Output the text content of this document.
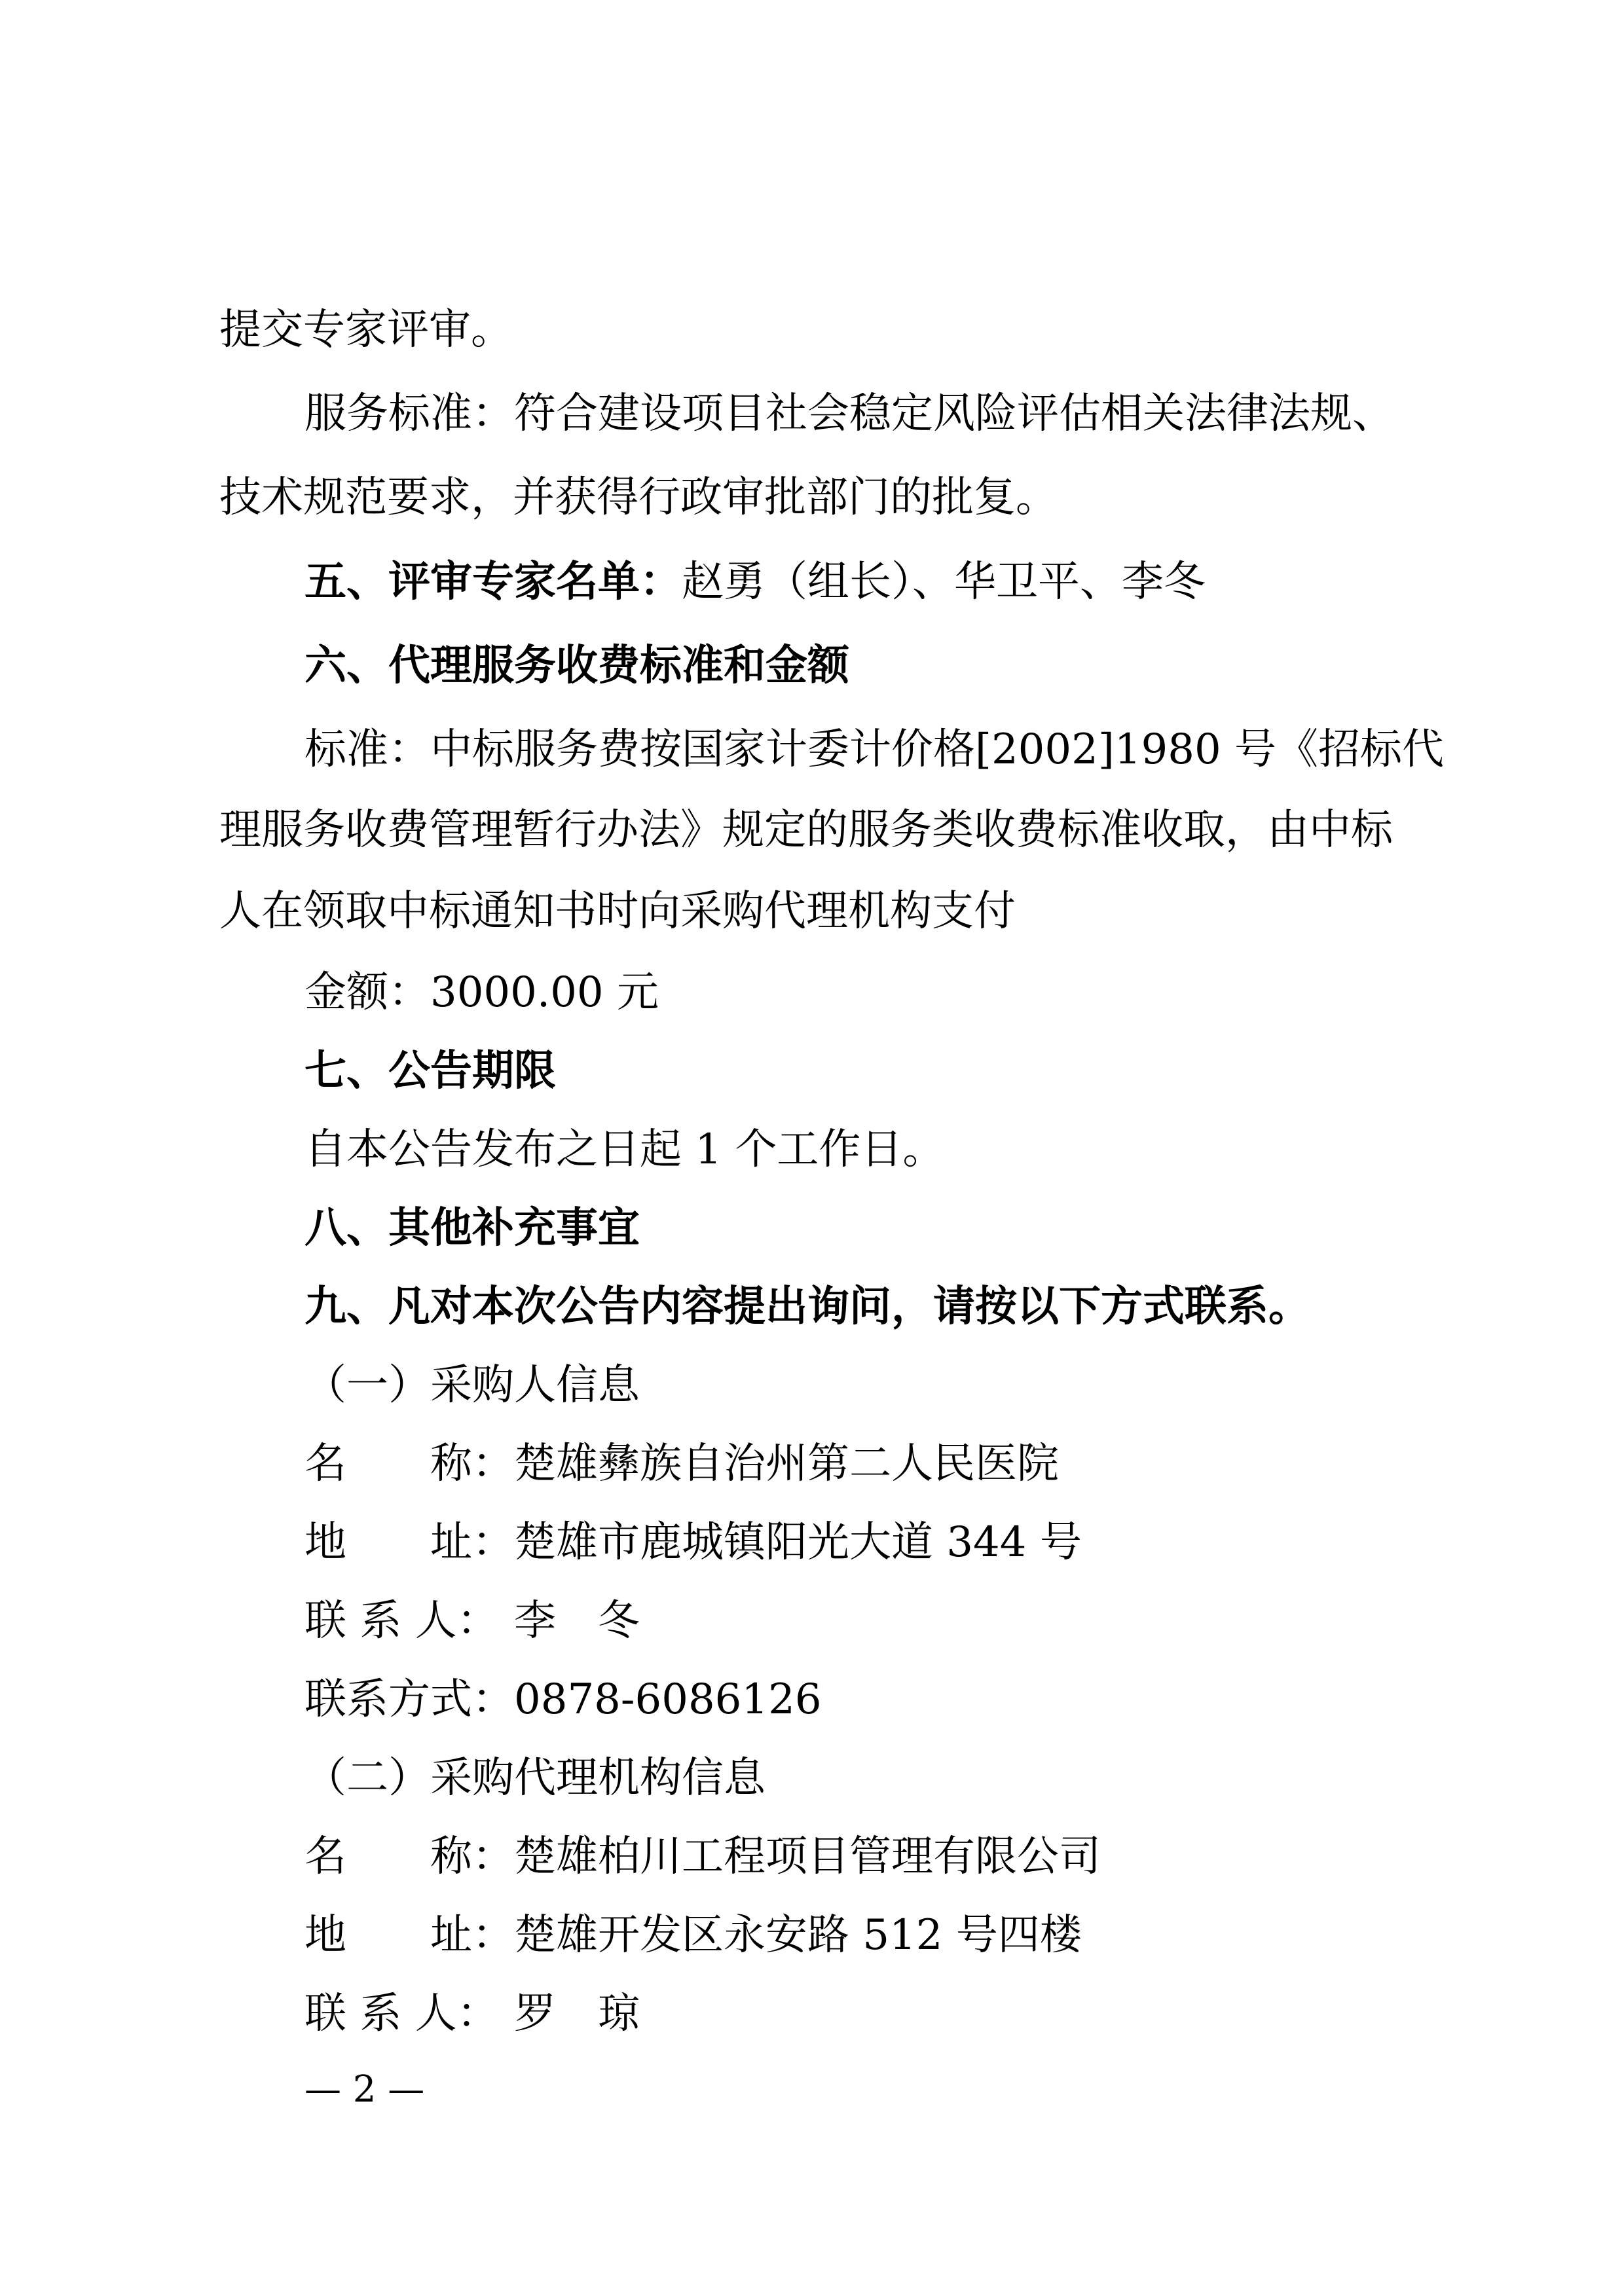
提交专家评审。
服务标准：符合建设项目社会稳定风险评估相关法律法规、
技术规范要求，并获得行政审批部门的批复。
五、评审专家名单：赵勇（组长）、华卫平、李冬
六、代理服务收费标准和金额
标准：中标服务费按国家计委计价格[2002]1980 号《招标代
理服务收费管理暂行办法》规定的服务类收费标准收取，由中标
人在领取中标通知书时向采购代理机构支付
金额：3000.00 元
七、公告期限
自本公告发布之日起 1 个工作日。
八、其他补充事宜
九、凡对本次公告内容提出询问，请按以下方式联系。
（一）采购人信息
名　　称：楚雄彝族自治州第二人民医院
地　　址：楚雄市鹿城镇阳光大道 344 号
联 系 人： 李　冬
联系方式：0878-6086126
（二）采购代理机构信息
名　　称：楚雄柏川工程项目管理有限公司
地　　址：楚雄开发区永安路 512 号四楼
联 系 人： 罗　琼
— 2 —
